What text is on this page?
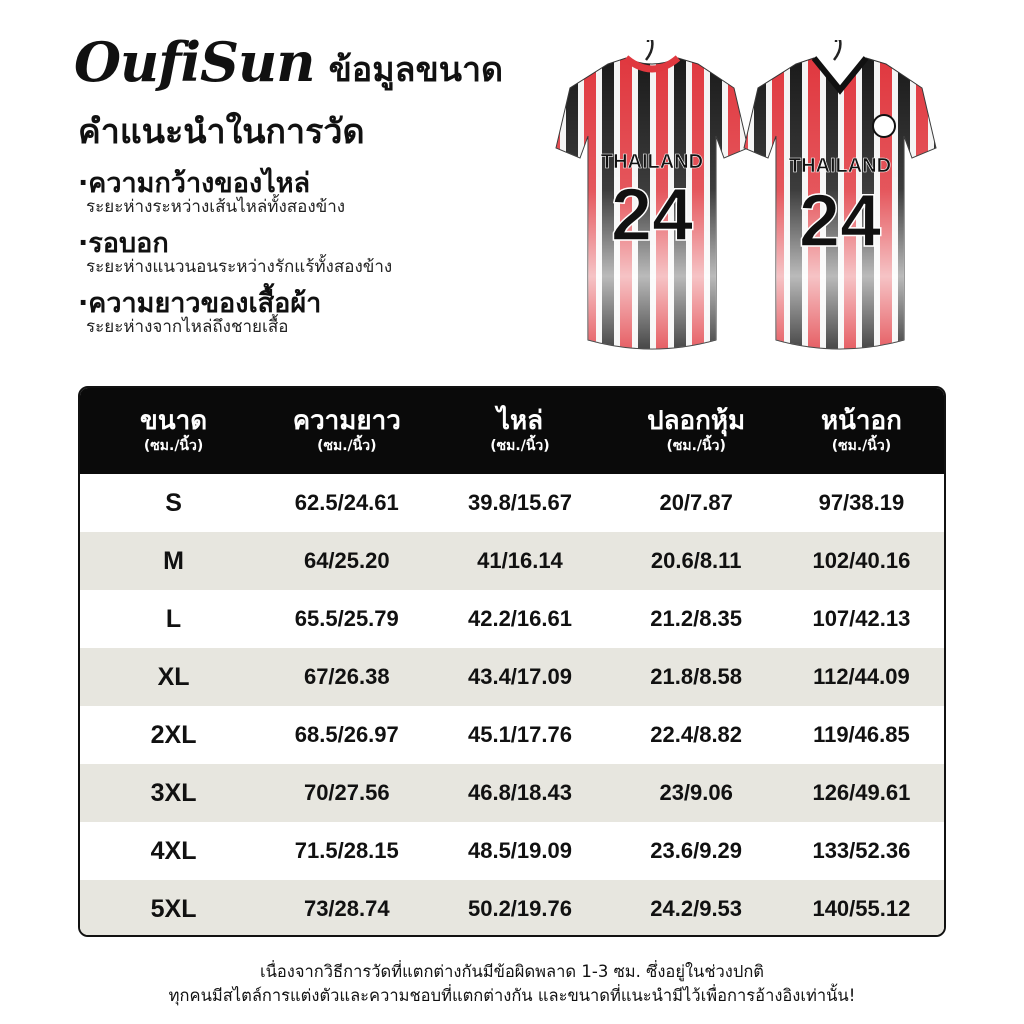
OufiSun ข้อมูลขนาด
คำแนะนำในการวัด
·ความกว้างของไหล่
ระยะห่างระหว่างเส้นไหล่ทั้งสองข้าง
·รอบอก
ระยะห่างแนวนอนระหว่างรักแร้ทั้งสองข้าง
·ความยาวของเสื้อผ้า
ระยะห่างจากไหล่ถึงชายเสื้อ
THAILAND
24
THAILAND
24
ขนาด
(ซม./นิ้ว)
ความยาว
(ซม./นิ้ว)
ไหล่
(ซม./นิ้ว)
ปลอกหุ้ม
(ซม./นิ้ว)
หน้าอก
(ซม./นิ้ว)
S	62.5/24.61	39.8/15.67	20/7.87	97/38.19
M	64/25.20	41/16.14	20.6/8.11	102/40.16
L	65.5/25.79	42.2/16.61	21.2/8.35	107/42.13
XL	67/26.38	43.4/17.09	21.8/8.58	112/44.09
2XL	68.5/26.97	45.1/17.76	22.4/8.82	119/46.85
3XL	70/27.56	46.8/18.43	23/9.06	126/49.61
4XL	71.5/28.15	48.5/19.09	23.6/9.29	133/52.36
5XL	73/28.74	50.2/19.76	24.2/9.53	140/55.12
เนื่องจากวิธีการวัดที่แตกต่างกันมีข้อผิดพลาด 1-3 ซม. ซึ่งอยู่ในช่วงปกติ
ทุกคนมีสไตล์การแต่งตัวและความชอบที่แตกต่างกัน และขนาดที่แนะนำมีไว้เพื่อการอ้างอิงเท่านั้น!
